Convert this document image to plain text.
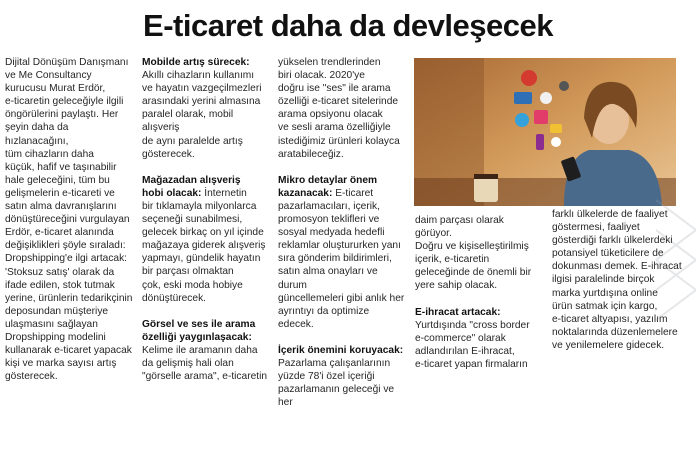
E-ticaret daha da devleşecek

Dijital Dönüşüm Danışmanı

ve Me Consultancy

kurucusu Murat Erdör,

e-ticaretin geleceğiyle ilgili

öngörülerini paylaştı. Her

şeyin daha da hızlanacağını,

tüm cihazların daha

küçük, hafif ve taşınabilir

hale geleceğini, tüm bu

gelişmelerin e-ticareti ve

satın alma davranışlarını

dönüştüreceğini vurgulayan

Erdör, e-ticaret alanında

değişiklikleri şöyle sıraladı:

Dropshipping'e ilgi artacak:

'Stoksuz satış' olarak da

ifade edilen, stok tutmak

yerine, ürünlerin tedarikçinin

deposundan müşteriye

ulaşmasını sağlayan

Dropshipping modelini

kullanarak e-ticaret yapacak

kişi ve marka sayısı artış

gösterecek.

Mobilde artış sürecek:

Akıllı cihazların kullanımı

ve hayatın vazgeçilmezleri

arasındaki yerini almasına

paralel olarak, mobil alışveriş

de aynı paralelde artış

gösterecek.

Mağazadan alışveriş

hobi olacak: İnternetin

bir tıklamayla milyonlarca

seçeneği sunabilmesi,

gelecek birkaç on yıl içinde

mağazaya giderek alışveriş

yapmayı, gündelik hayatın

bir parçası olmaktan

çok, eski moda hobiye

dönüştürecek.

Görsel ve ses ile arama

özelliği yaygınlaşacak:

Kelime ile aramanın daha

da gelişmiş hali olan

"görselle arama", e-ticaretin

yükselen trendlerinden

biri olacak. 2020'ye

doğru ise "ses" ile arama

özelliği e-ticaret sitelerinde

arama opsiyonu olacak

ve sesli arama özelliğiyle

istediğimiz ürünleri kolayca

aratabileceğiz.

Mikro detaylar önem

kazanacak: E-ticaret

pazarlamacıları, içerik,

promosyon teklifleri ve

sosyal medyada hedefli

reklamlar oluştururken yanı

sıra gönderim bildirimleri,

satın alma onayları ve durum

güncellemeleri gibi anlık her

ayrıntıyı da optimize edecek.

İçerik önemini koruyacak:

Pazarlama çalışanlarının

yüzde 78'i özel içeriği

pazarlamanın geleceği ve her

daim parçası olarak görüyor.

Doğru ve kişiselleştirilmiş

içerik, e-ticaretin

geleceğinde de önemli bir

yere sahip olacak.

E-ihracat artacak:

Yurtdışında "cross border

e-commerce" olarak

adlandırılan E-ihracat,

e-ticaret yapan firmaların

farklı ülkelerde de faaliyet

göstermesi, faaliyet

gösterdiği farklı ülkelerdeki

potansiyel tüketicilere de

dokunması demek. E-ihracat

ilgisi paralelinde birçok

marka yurtdışına online

ürün satmak için kargo,

e-ticaret altyapısı, yazılım

noktalarında düzenlemelere

ve yenilemelere gidecek.
